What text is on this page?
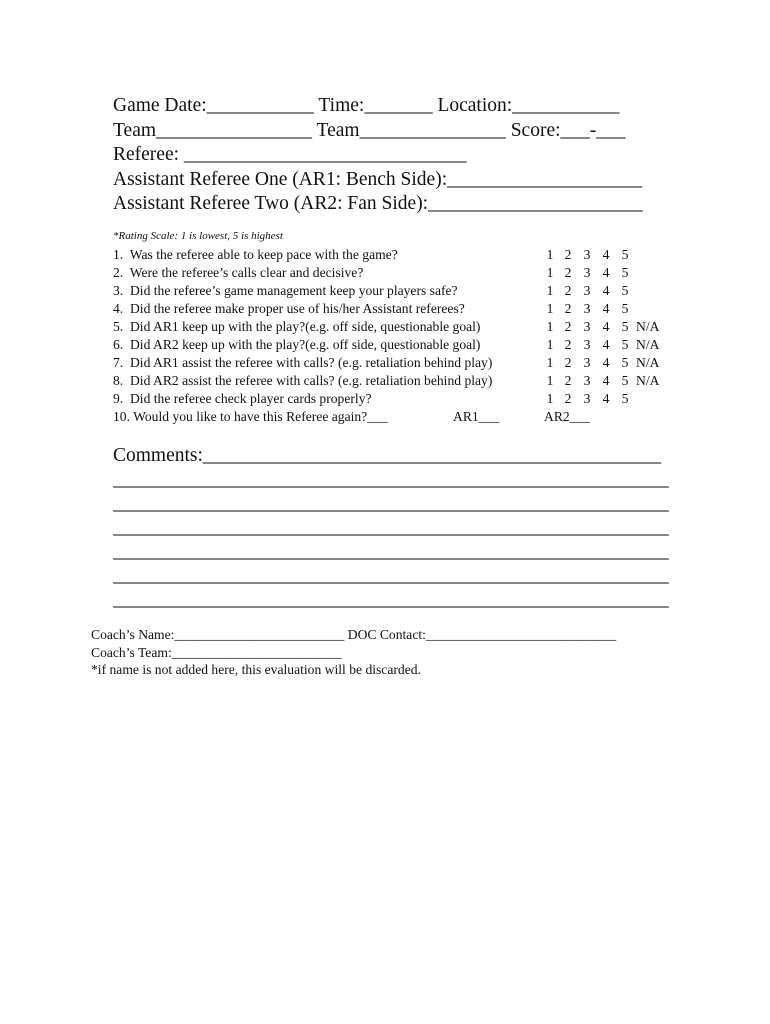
Game Date:___________ Time:_______ Location:___________
Team________________ Team_______________ Score:___-___
Referee: _____________________________
Assistant Referee One (AR1: Bench Side):____________________
Assistant Referee Two (AR2: Fan Side):______________________
*Rating Scale: 1 is lowest, 5 is highest
1.  Was the referee able to keep pace with the game?	1 2 3 4 5
2.  Were the referee’s calls clear and decisive?	1 2 3 4 5
3.  Did the referee’s game management keep your players safe?	1 2 3 4 5
4.  Did the referee make proper use of his/her Assistant referees?	1 2 3 4 5
5.  Did AR1 keep up with the play?(e.g. off side, questionable goal)	1 2 3 4 5 N/A
6.  Did AR2 keep up with the play?(e.g. off side, questionable goal)	1 2 3 4 5 N/A
7.  Did AR1 assist the referee with calls? (e.g. retaliation behind play)	1 2 3 4 5 N/A
8.  Did AR2 assist the referee with calls? (e.g. retaliation behind play)	1 2 3 4 5 N/A
9.  Did the referee check player cards properly?	1 2 3 4 5
10. Would you like to have this Referee again?___	AR1___	AR2___
Comments:_______________________________________________
_________________________________________________________
_________________________________________________________
_________________________________________________________
_________________________________________________________
_________________________________________________________
_________________________________________________________
Coach’s Name:_________________________ DOC Contact:____________________________
Coach’s Team:_________________________
*if name is not added here, this evaluation will be discarded.
